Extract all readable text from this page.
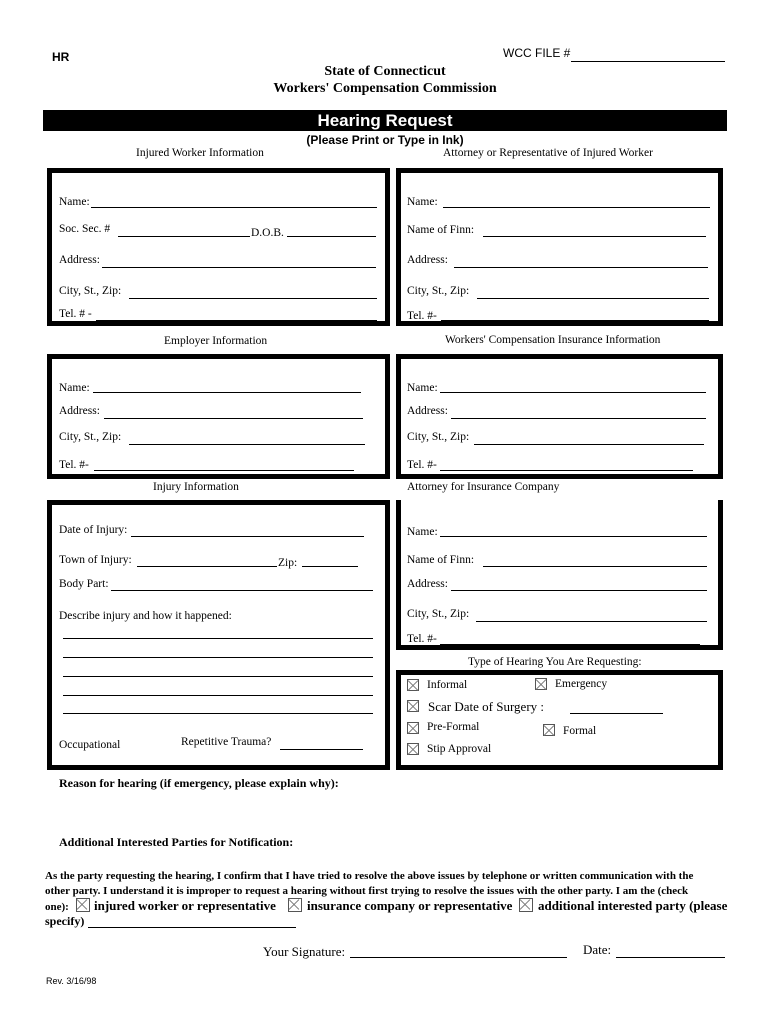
HR	WCC FILE #
State of Connecticut
Workers' Compensation Commission
Hearing Request
(Please Print or Type in Ink)
Injured Worker Information	Attorney or Representative of Injured Worker
Name:
Soc. Sec. #	D.O.B.
Address:
City, St., Zip:
Tel. # -
Name:
Name of Finn:
Address:
City, St., Zip:
Tel. #-
Employer Information	Workers' Compensation Insurance Information
Name:
Address:
City, St., Zip:
Tel. #-
Name:
Address:
City, St., Zip:
Tel. #-
Injury Information
Date of Injury:
Town of Injury:	Zip:
Body Part:
Describe injury and how it happened:
Occupational	Repetitive Trauma?
Attorney for Insurance Company
Name:
Name of Finn:
Address:
City, St., Zip:
Tel. #-
Type of Hearing You Are Requesting:
Informal	Emergency
Scar Date of Surgery :
Pre-Formal	Formal
Stip Approval
Reason for hearing (if emergency, please explain why):
Additional Interested Parties for Notification:
As the party requesting the hearing, I confirm that I have tried to resolve the above issues by telephone or written communication with the
other party. I understand it is improper to request a hearing without first trying to resolve the issues with the other party. I am the (check
one): injured worker or representative insurance company or representative additional interested party (please
specify)
Your Signature:	Date:
Rev. 3/16/98
